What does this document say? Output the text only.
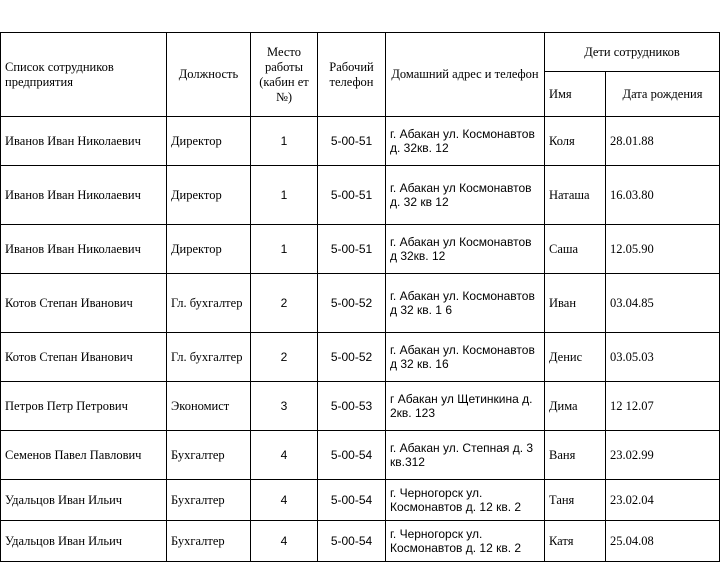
Список сотрудников предприятия	Должность	Место работы (кабин ет №)	Рабочий телефон	Домашний адрес и телефон	Дети сотрудников	
					Имя	Дата рождения
Иванов Иван Николаевич	Директор	1	5-00-51	г. Абакан ул. Космонавтов д. 32кв. 12	Коля	28.01.88
Иванов Иван Николаевич	Директор	1	5-00-51	г. Абакан ул Космонавтов д. 32 кв 12	Наташа	16.03.80
Иванов Иван Николаевич	Директор	1	5-00-51	г. Абакан ул Космонавтов д 32кв. 12	Саша	12.05.90
Котов Степан Иванович	Гл. бухгалтер	2	5-00-52	г. Абакан ул. Космонавтов д 32 кв. 1 6	Иван	03.04.85
Котов Степан Иванович	Гл. бухгалтер	2	5-00-52	г. Абакан ул. Космонавтов д 32 кв. 16	Денис	03.05.03
Петров Петр Петрович	Экономист	3	5-00-53	г Абакан ул Щетинкина д. 2кв. 123	Дима	12 12.07
Семенов Павел Павлович	Бухгалтер	4	5-00-54	г. Абакан ул. Степная д. 3 кв.312	Ваня	23.02.99
Удальцов Иван Ильич	Бухгалтер	4	5-00-54	г. Черногорск ул. Космонавтов д. 12 кв. 2	Таня	23.02.04
Удальцов Иван Ильич	Бухгалтер	4	5-00-54	г. Черногорск ул. Космонавтов д. 12 кв. 2	Катя	25.04.08
